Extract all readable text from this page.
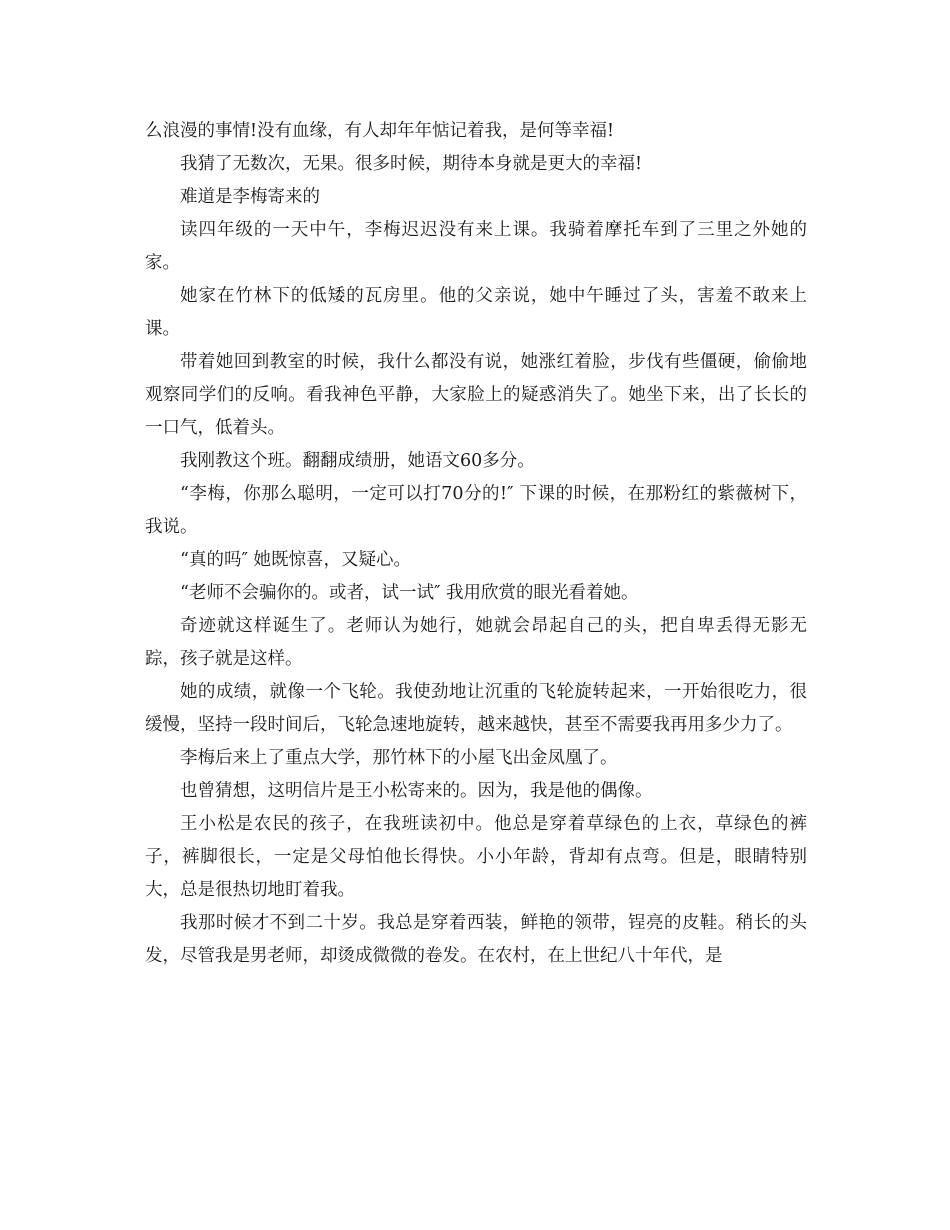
么浪漫的事情!没有血缘，有人却年年惦记着我，是何等幸福!

我猜了无数次，无果。很多时候，期待本身就是更大的幸福!

难道是李梅寄来的

读四年级的一天中午，李梅迟迟没有来上课。我骑着摩托车到了三里之外她的家。

她家在竹林下的低矮的瓦房里。他的父亲说，她中午睡过了头，害羞不敢来上课。

带着她回到教室的时候，我什么都没有说，她涨红着脸，步伐有些僵硬，偷偷地观察同学们的反响。看我神色平静，大家脸上的疑惑消失了。她坐下来，出了长长的一口气，低着头。

我刚教这个班。翻翻成绩册，她语文60多分。

“李梅，你那么聪明，一定可以打70分的!″ 下课的时候，在那粉红的紫薇树下，我说。

“真的吗″ 她既惊喜，又疑心。

“老师不会骗你的。或者，试一试″ 我用欣赏的眼光看着她。

奇迹就这样诞生了。老师认为她行，她就会昂起自己的头，把自卑丢得无影无踪，孩子就是这样。

她的成绩，就像一个飞轮。我使劲地让沉重的飞轮旋转起来，一开始很吃力，很缓慢，坚持一段时间后，飞轮急速地旋转，越来越快，甚至不需要我再用多少力了。

李梅后来上了重点大学，那竹林下的小屋飞出金凤凰了。

也曾猜想，这明信片是王小松寄来的。因为，我是他的偶像。

王小松是农民的孩子，在我班读初中。他总是穿着草绿色的上衣，草绿色的裤子，裤脚很长，一定是父母怕他长得快。小小年龄，背却有点弯。但是，眼睛特别大，总是很热切地盯着我。

我那时候才不到二十岁。我总是穿着西装，鲜艳的领带，锃亮的皮鞋。稍长的头发，尽管我是男老师，却烫成微微的卷发。在农村，在上世纪八十年代，是
